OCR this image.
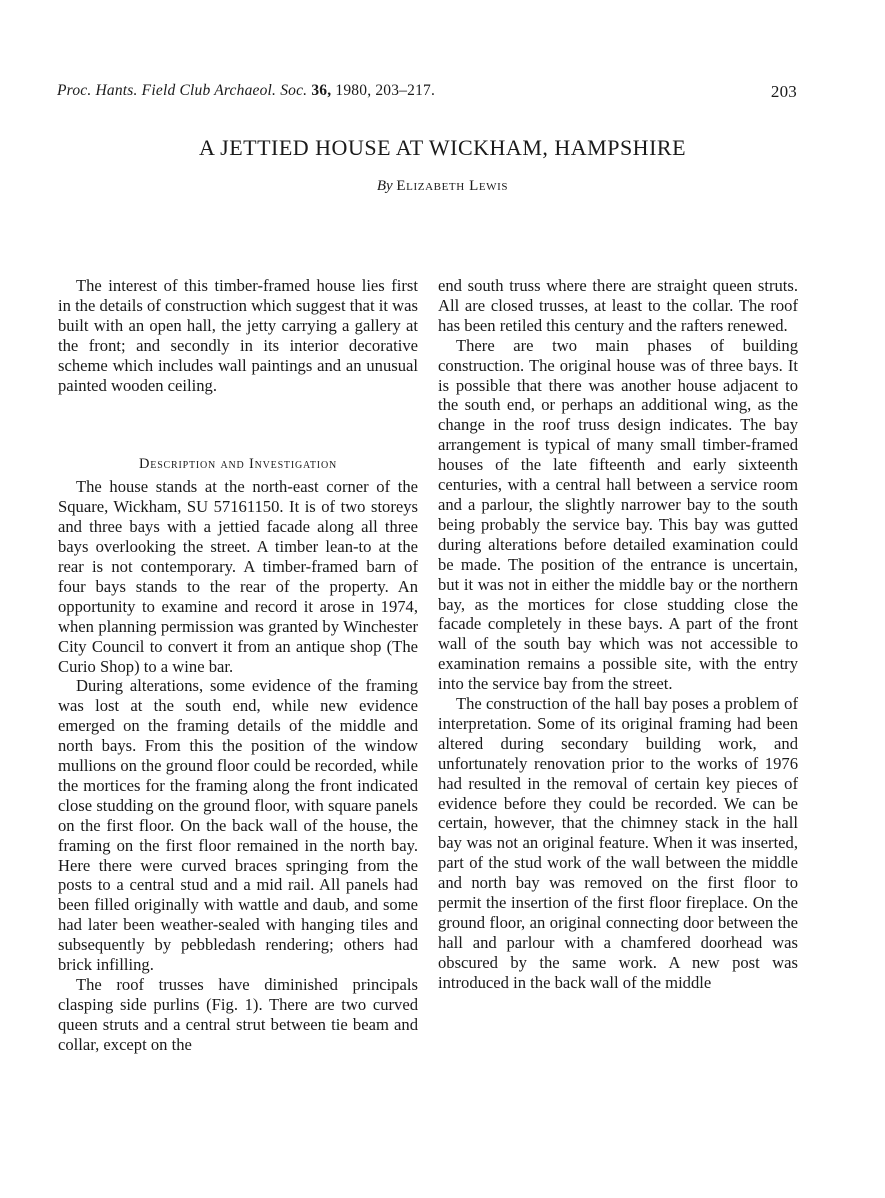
Proc. Hants. Field Club Archaeol. Soc. 36, 1980, 203–217.	203
A JETTIED HOUSE AT WICKHAM, HAMPSHIRE
By Elizabeth Lewis

The interest of this timber-framed house lies first in the details of construction which suggest that it was built with an open hall, the jetty carrying a gallery at the front; and secondly in its interior decorative scheme which includes wall paintings and an unusual painted wooden ceiling.

Description and Investigation

The house stands at the north-east corner of the Square, Wickham, SU 57161150. It is of two storeys and three bays with a jettied facade along all three bays overlooking the street. A timber lean-to at the rear is not contemporary. A timber-framed barn of four bays stands to the rear of the property. An opportunity to examine and record it arose in 1974, when planning permission was granted by Winchester City Council to convert it from an antique shop (The Curio Shop) to a wine bar.

During alterations, some evidence of the framing was lost at the south end, while new evidence emerged on the framing details of the middle and north bays. From this the position of the window mullions on the ground floor could be recorded, while the mortices for the framing along the front indicated close studding on the ground floor, with square panels on the first floor. On the back wall of the house, the framing on the first floor remained in the north bay. Here there were curved braces springing from the posts to a central stud and a mid rail. All panels had been filled originally with wattle and daub, and some had later been weather-sealed with hanging tiles and subsequently by pebbledash rendering; others had brick infilling.

The roof trusses have diminished principals clasping side purlins (Fig. 1). There are two curved queen struts and a central strut between tie beam and collar, except on the

end south truss where there are straight queen struts. All are closed trusses, at least to the collar. The roof has been retiled this century and the rafters renewed.

There are two main phases of building construction. The original house was of three bays. It is possible that there was another house adjacent to the south end, or perhaps an additional wing, as the change in the roof truss design indicates. The bay arrangement is typical of many small timber-framed houses of the late fifteenth and early sixteenth centuries, with a central hall between a service room and a parlour, the slightly narrower bay to the south being probably the service bay. This bay was gutted during alterations before detailed examination could be made. The position of the entrance is uncertain, but it was not in either the middle bay or the northern bay, as the mortices for close studding close the facade completely in these bays. A part of the front wall of the south bay which was not accessible to examination remains a possible site, with the entry into the service bay from the street.

The construction of the hall bay poses a problem of interpretation. Some of its original framing had been altered during secondary building work, and unfortunately renovation prior to the works of 1976 had resulted in the removal of certain key pieces of evidence before they could be recorded. We can be certain, however, that the chimney stack in the hall bay was not an original feature. When it was inserted, part of the stud work of the wall between the middle and north bay was removed on the first floor to permit the insertion of the first floor fireplace. On the ground floor, an original connecting door between the hall and parlour with a chamfered doorhead was obscured by the same work. A new post was introduced in the back wall of the middle
